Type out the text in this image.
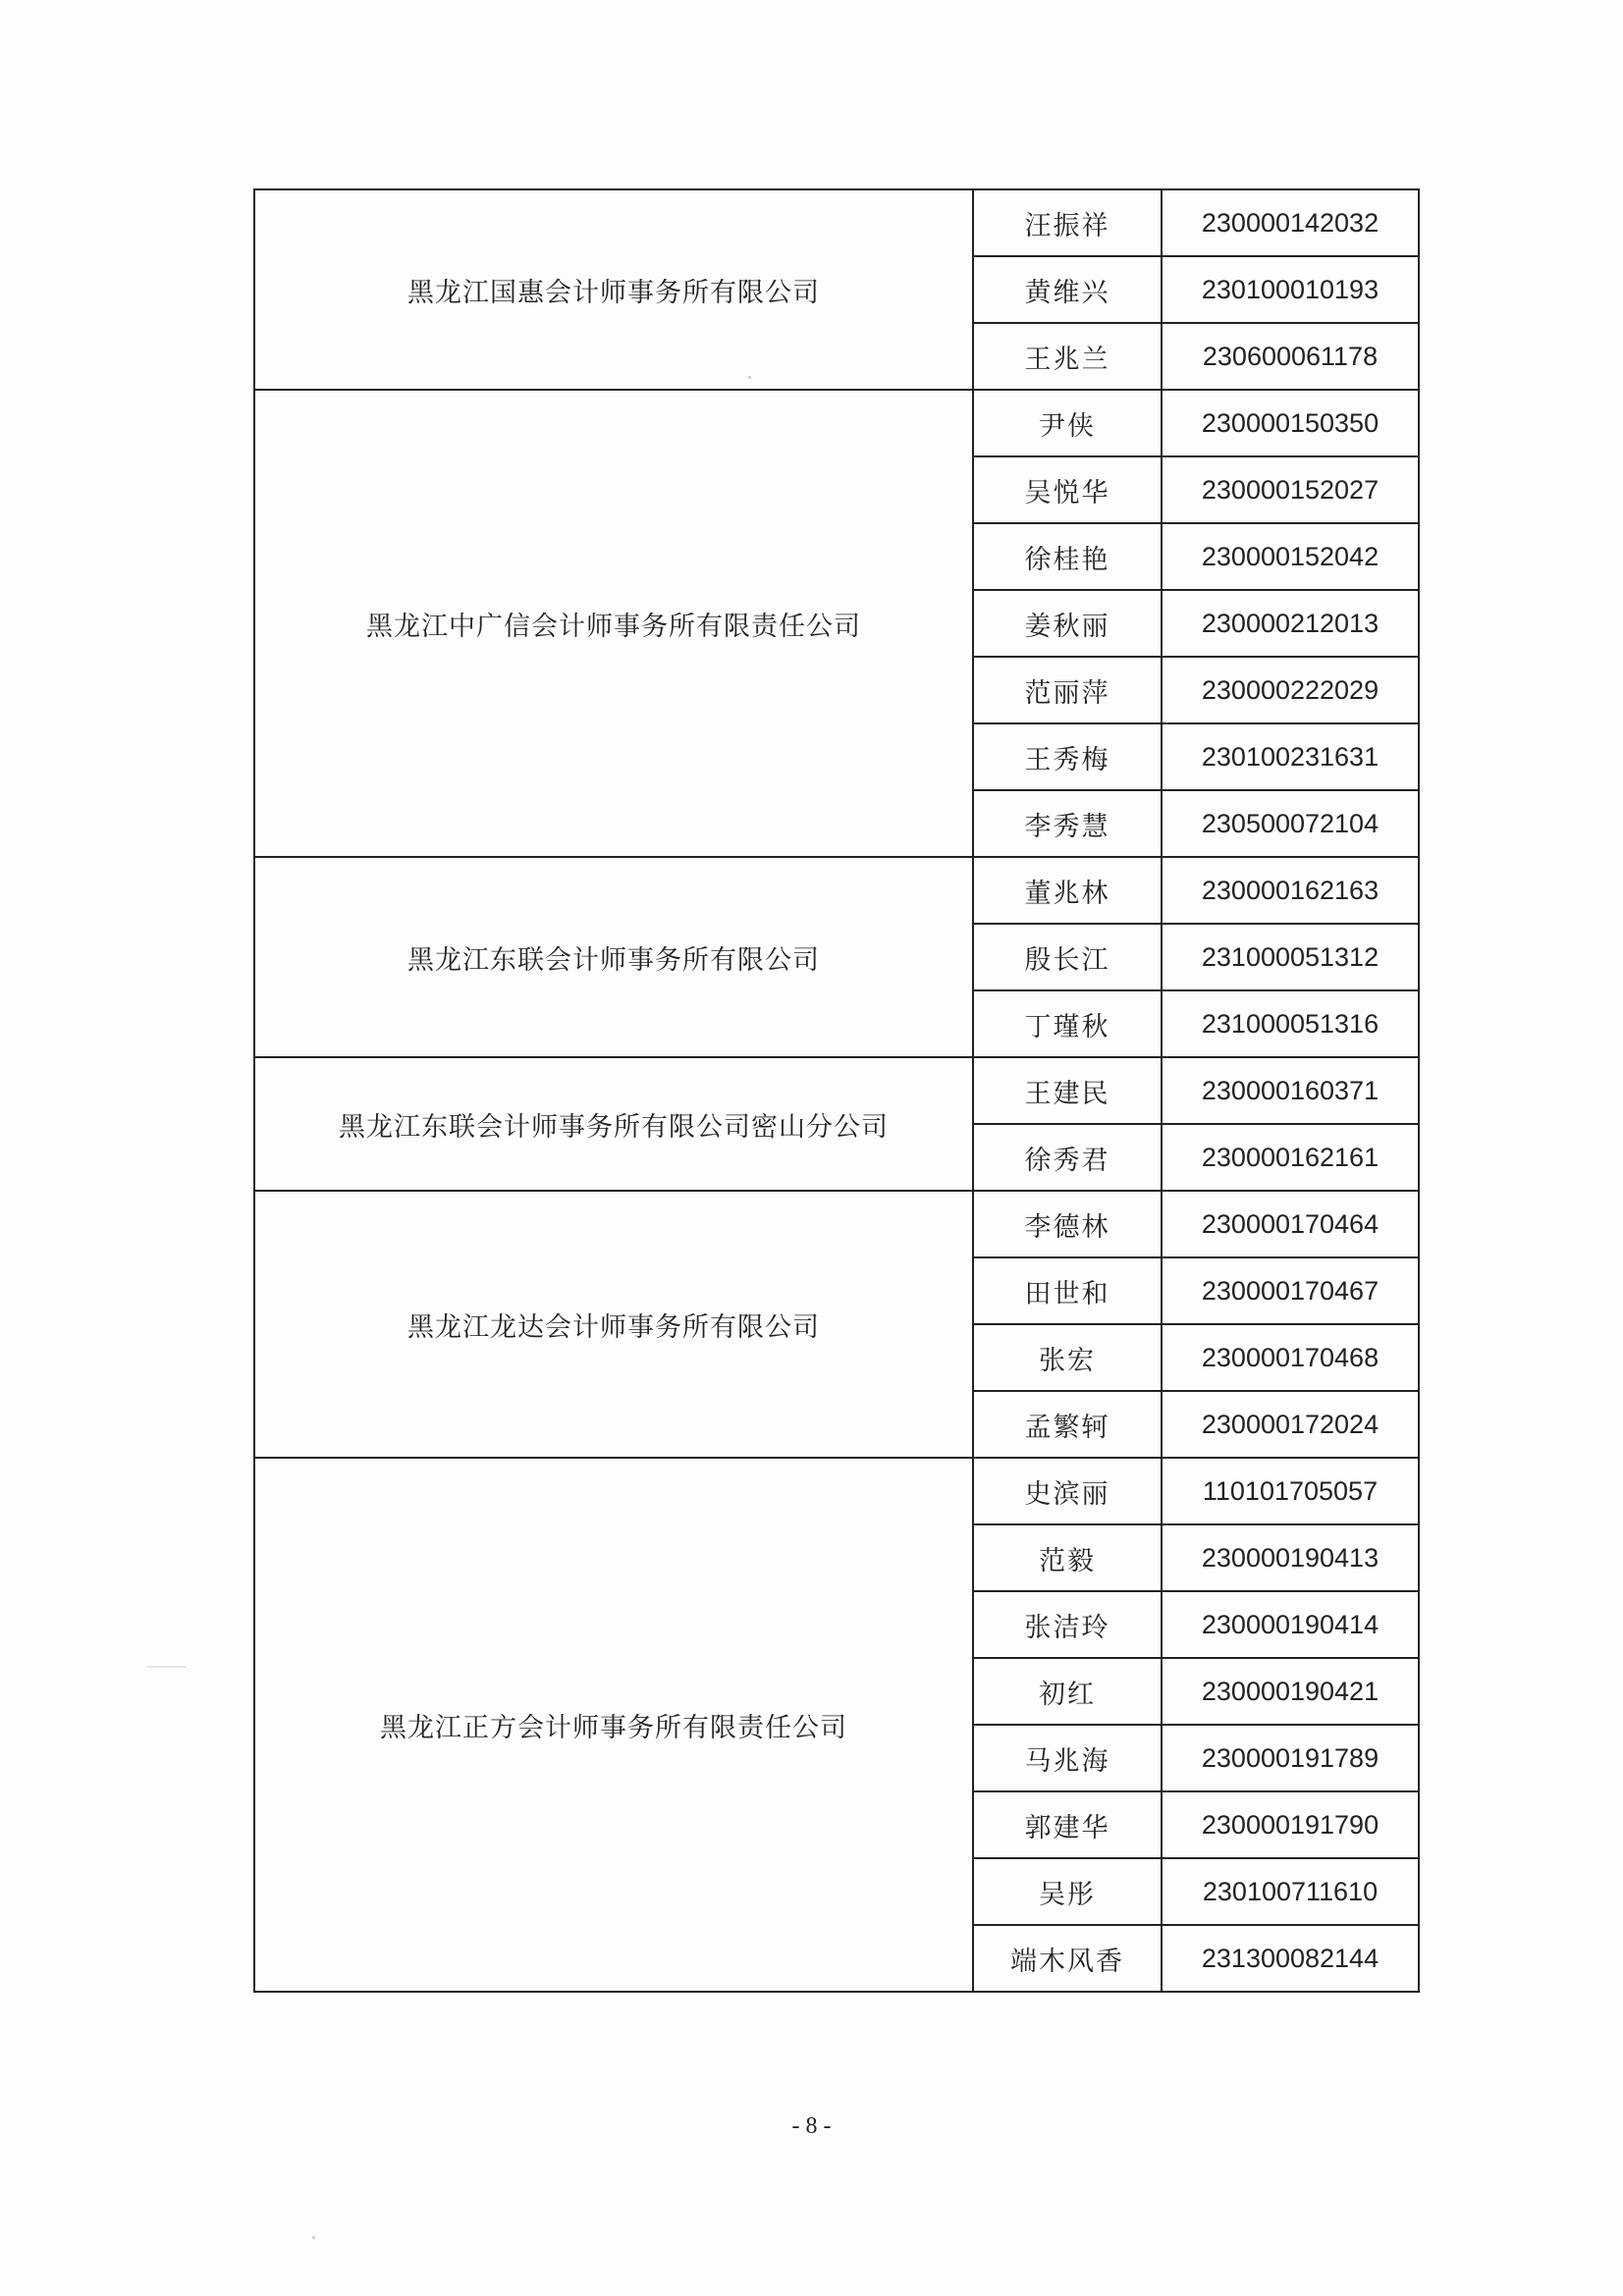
黑龙江国惠会计师事务所有限公司	汪振祥	230000142032
	黄维兴	230100010193
	王兆兰	230600061178
黑龙江中广信会计师事务所有限责任公司	尹侠	230000150350
	吴悦华	230000152027
	徐桂艳	230000152042
	姜秋丽	230000212013
	范丽萍	230000222029
	王秀梅	230100231631
	李秀慧	230500072104
黑龙江东联会计师事务所有限公司	董兆林	230000162163
	殷长江	231000051312
	丁瑾秋	231000051316
黑龙江东联会计师事务所有限公司密山分公司	王建民	230000160371
	徐秀君	230000162161
黑龙江龙达会计师事务所有限公司	李德林	230000170464
	田世和	230000170467
	张宏	230000170468
	孟繁轲	230000172024
黑龙江正方会计师事务所有限责任公司	史滨丽	110101705057
	范毅	230000190413
	张洁玲	230000190414
	初红	230000190421
	马兆海	230000191789
	郭建华	230000191790
	吴彤	230100711610
	端木风香	231300082144
- 8 -
